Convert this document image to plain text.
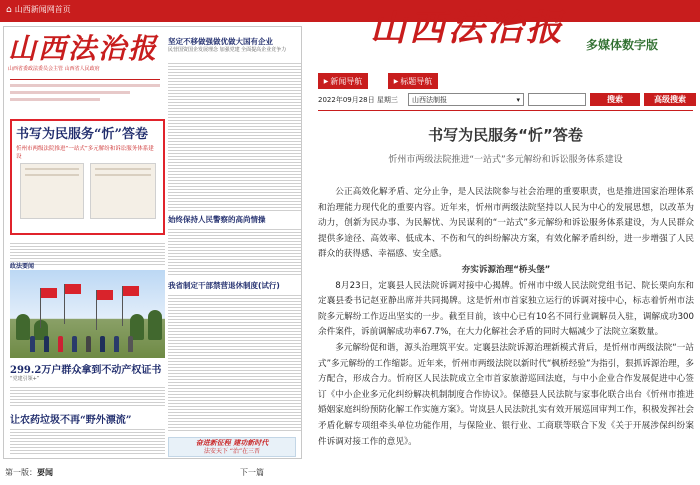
⌂ 山西新闻网首页
山西法治报
山西省委政法委员会主管 山西省人民政府
书写为民服务“忻”答卷
忻州市两级法院推进“一站式”多元解纷和诉讼服务体系建设
政法要闻
299.2万户群众拿到不动产权证书
“党建引领+”
让农药垃圾不再“野外漂流”
坚定不移做强做优做大国有企业
民营国资国企发展理念 加强党建 全面提高企业竞争力
始终保持人民警察的高尚情操
我省制定干部禁营退休制度(试行)
奋进新征程 建功新时代
法安天下 “治”在三晋
第一版：要闻	下一篇
山西法治报 多媒体数字版
▶ 新闻导航	▶ 标题导航
2022年09月28日 星期三	山西法制报	▾	搜索	高级搜索
书写为民服务“忻”答卷
忻州市两级法院推进“一站式”多元解纷和诉讼服务体系建设

公正高效化解矛盾、定分止争，是人民法院参与社会治理的重要职责，也是推进国家治理体系和治理能力现代化的重要内容。近年来，忻州市两级法院坚持以人民为中心的发展思想，以改革为动力，创新为民办事、为民解忧、为民谋利的“一站式”多元解纷和诉讼服务体系建设，为人民群众提供多途径、高效率、低成本、不伤和气的纠纷解决方案，有效化解矛盾纠纷，进一步增强了人民群众的获得感、幸福感、安全感。

夯实诉源治理“桥头堡”

8月23日，定襄县人民法院诉调对接中心揭牌。忻州市中级人民法院党组书记、院长栗向东和定襄县委书记赵亚静出席并共同揭牌。这是忻州市首家独立运行的诉调对接中心，标志着忻州市法院多元解纷工作迈出坚实的一步。截至目前，该中心已有10名不同行业调解员入驻，调解成功300余件案件，诉前调解成功率67.7%，在大力化解社会矛盾的同时大幅减少了法院立案数量。

多元解纷促和谐，源头治理筑平安。定襄县法院诉源治理新模式背后，是忻州市两级法院“一站式”多元解纷的工作缩影。近年来，忻州市两级法院以新时代“枫桥经验”为指引，狠抓诉源治理，多方配合，形成合力。忻府区人民法院成立全市首家旅游巡回法庭，与中小企业合作发展促进中心签订《中小企业多元化纠纷解决机制制度合作协议》。保德县人民法院与家事化联合出台《忻州市推进婚姻家庭纠纷预防化解工作实施方案》。岢岚县人民法院扎实有效开展巡回审判工作，积极发挥社会矛盾化解专项组牵头单位功能作用，与保险业、银行业、工商联等联合下发《关于开展涉保纠纷案件诉调对接工作的意见》。
